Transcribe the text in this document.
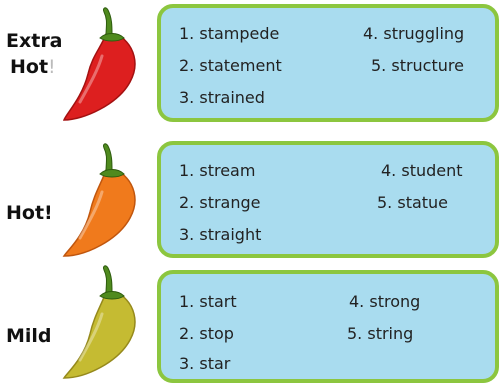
Extra
Hot!
1. stampede
2. statement
3. strained
4. struggling
5. structure
Hot!
1. stream
2. strange
3. straight
4. student
5. statue
Mild
1. start
2. stop
3. star
4. strong
5. string
